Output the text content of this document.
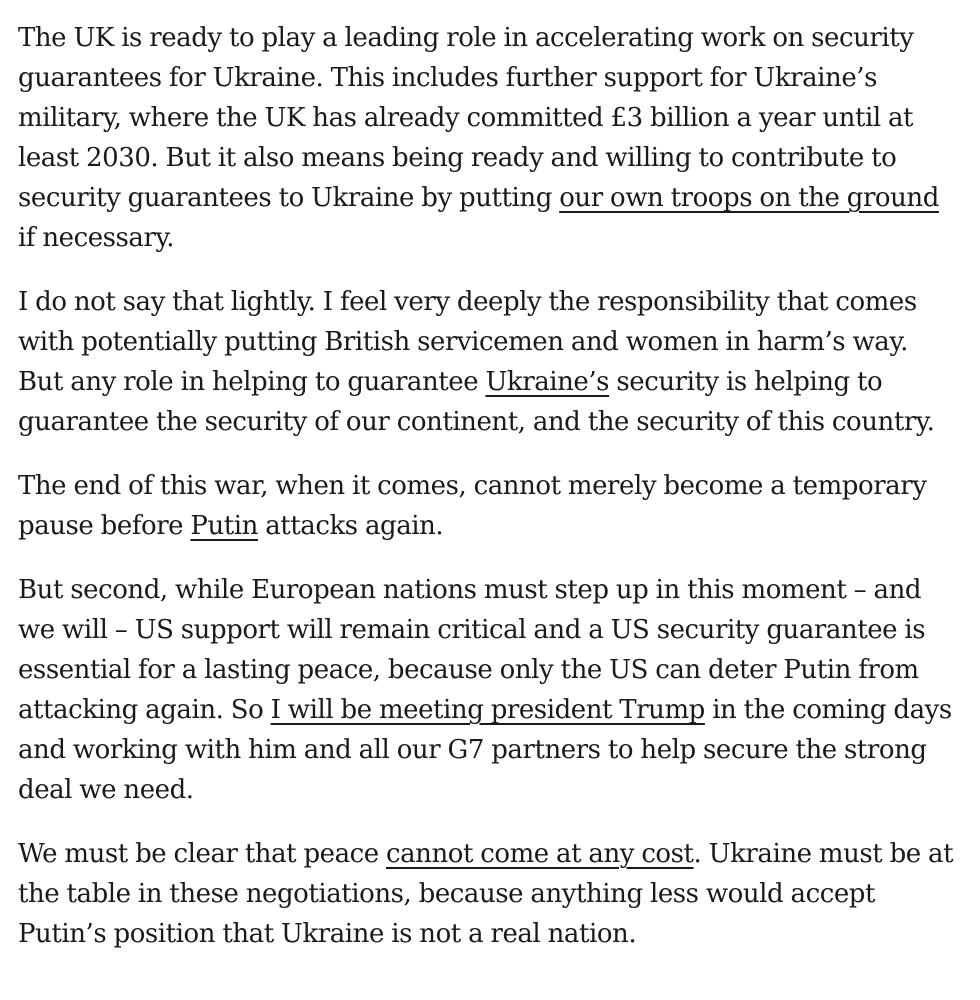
The UK is ready to play a leading role in accelerating work on security guarantees for Ukraine. This includes further support for Ukraine’s military, where the UK has already committed £3 billion a year until at least 2030. But it also means being ready and willing to contribute to security guarantees to Ukraine by putting our own troops on the ground if necessary.

I do not say that lightly. I feel very deeply the responsibility that comes with potentially putting British servicemen and women in harm’s way. But any role in helping to guarantee Ukraine’s security is helping to guarantee the security of our continent, and the security of this country.

The end of this war, when it comes, cannot merely become a temporary pause before Putin attacks again.

But second, while European nations must step up in this moment – and we will – US support will remain critical and a US security guarantee is essential for a lasting peace, because only the US can deter Putin from attacking again. So I will be meeting president Trump in the coming days and working with him and all our G7 partners to help secure the strong deal we need.

We must be clear that peace cannot come at any cost. Ukraine must be at the table in these negotiations, because anything less would accept Putin’s position that Ukraine is not a real nation.
